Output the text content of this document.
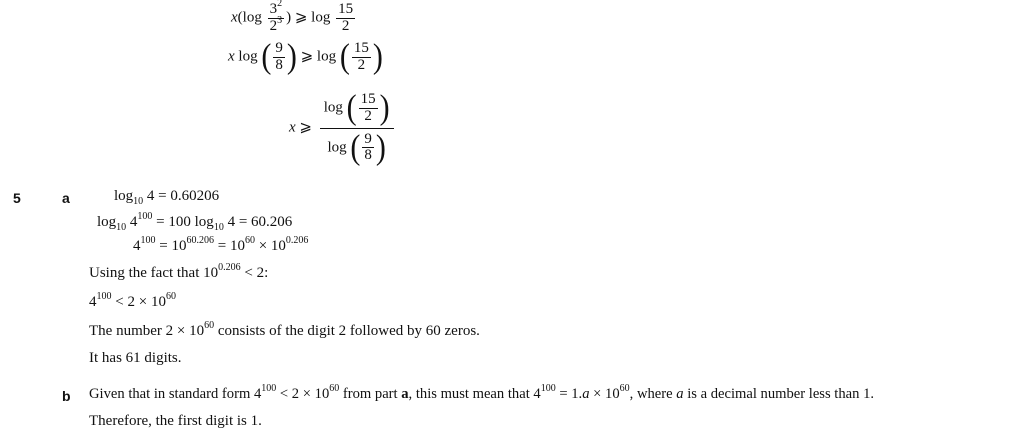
$x(\log \frac{3^2}{2^3}$ ) ⩾ $\log \frac{15}{2}$
x log ( $\frac{9}{8}$ ) ⩾ log ( $\frac{15}{2}$ )
x ⩾ $\frac{\log ( \frac{15}{2} )}{\log ( \frac{9}{8} )}$
5	a	$\log_{10} 4 = 0.60206$
$\log_{10} 4^{100} = 100$ $\log_{10} 4 = 60.206$
$4^{100} = 10^{60.206} = 10^{60} \times 10^{0.206}$
Using the fact that $10^{0.206} < 2$:
$4^{100} < 2 \times 10^{60}$
The number $2 \times 10^{60}$ consists of the digit 2 followed by 60 zeros.
It has 61 digits.
b Given that in standard form $4^{100} < 2 \times 10^{60}$ from part a, this must mean that $4^{100} = 1.a \times 10^{60}$, where a is a decimal number less than 1.
Therefore, the first digit is 1.
